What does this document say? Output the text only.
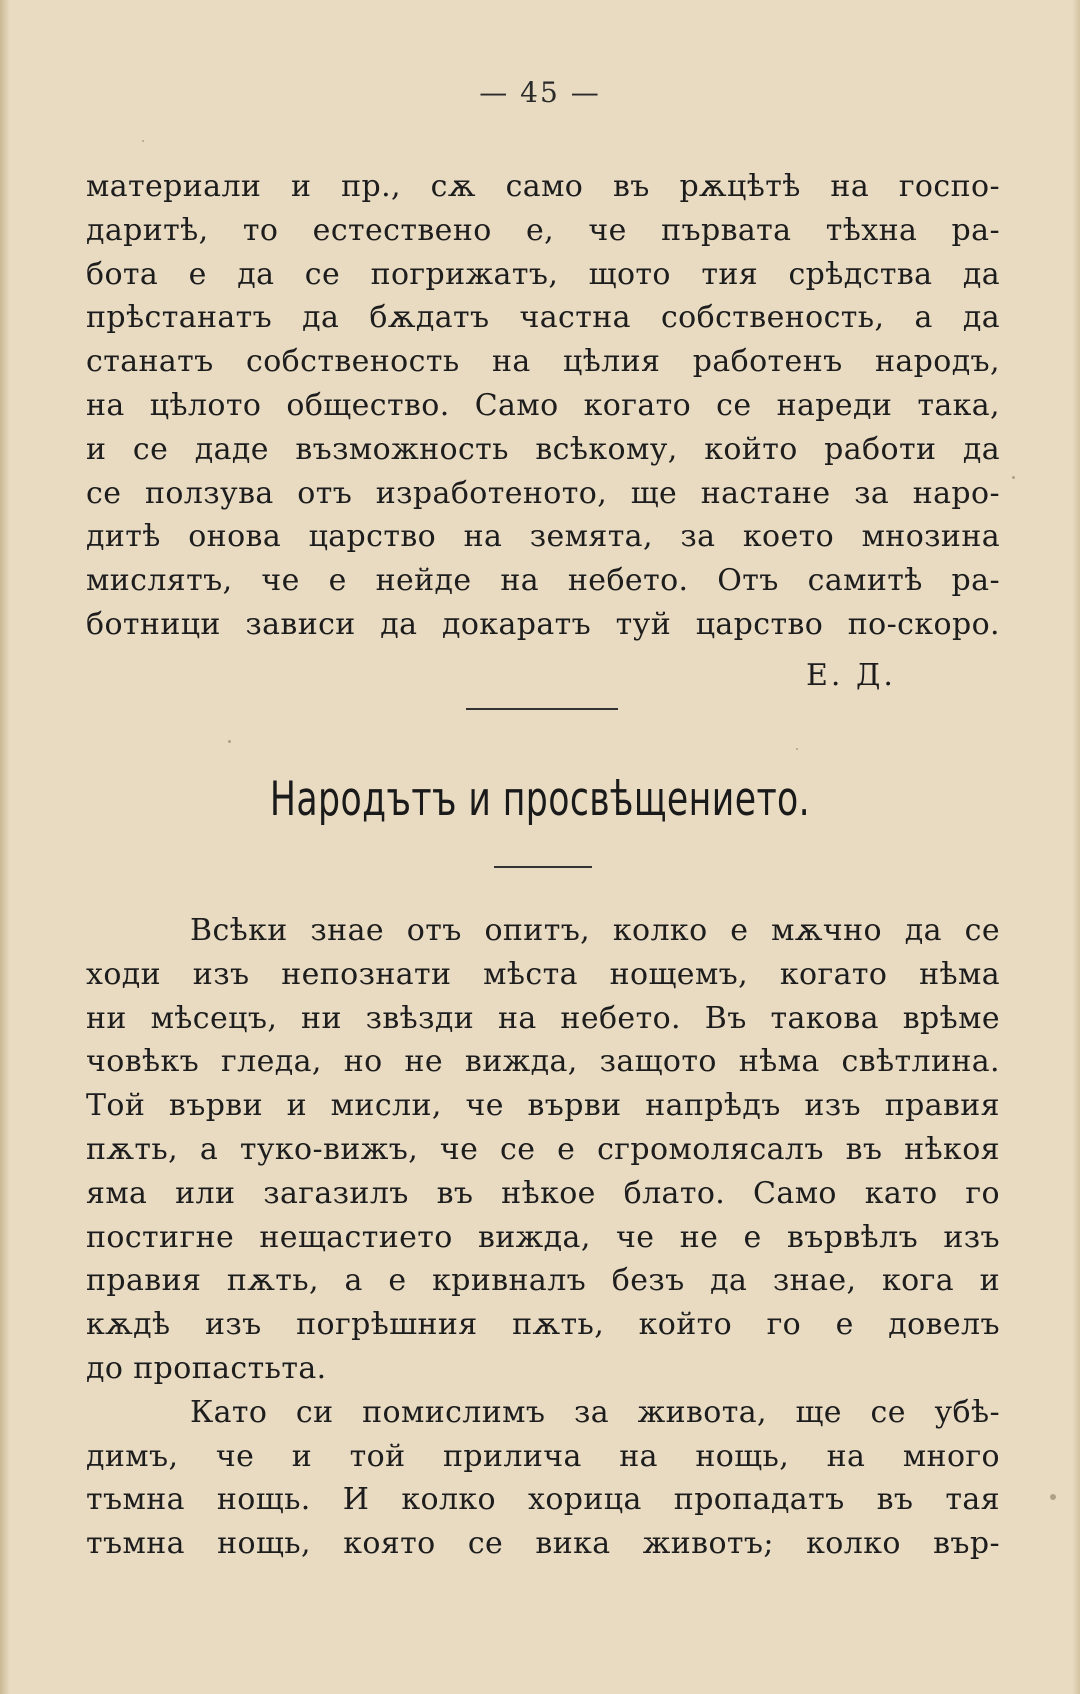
— 45 —
материали и пр., сѫ само въ рѫцѣтѣ на госпо-
даритѣ, то естествено е, че първата тѣхна ра-
бота е да се погрижатъ, щото тия срѣдства да
прѣстанатъ да бѫдатъ частна собственость, а да
станатъ собственость на цѣлия работенъ народъ,
на цѣлото общество. Само когато се нареди така,
и се даде възможность всѣкому, който работи да
се ползува отъ изработеното, ще настане за наро-
дитѣ онова царство на земята, за което мнозина
мислятъ, че е нейде на небето. Отъ самитѣ ра-
ботници зависи да докаратъ туй царство по-скоро.
Е. Д.
Народътъ и просвѣщението.
Всѣки знае отъ опитъ, колко е мѫчно да се
ходи изъ непознати мѣста нощемъ, когато нѣма
ни мѣсецъ, ни звѣзди на небето. Въ такова врѣме
човѣкъ гледа, но не вижда, защото нѣма свѣтлина.
Той върви и мисли, че върви напрѣдъ изъ правия
пѫть, а туко-вижъ, че се е сгромолясалъ въ нѣкоя
яма или загазилъ въ нѣкое блато. Само като го
постигне нещастието вижда, че не е вървѣлъ изъ
правия пѫть, а е кривналъ безъ да знае, кога и
кѫдѣ изъ погрѣшния пѫть, който го е довелъ
до пропастьта.
Като си помислимъ за живота, ще се убѣ-
димъ, че и той прилича на нощь, на много
тъмна нощь. И колко хорица пропадатъ въ тая
тъмна нощь, която се вика животъ; колко вър-
